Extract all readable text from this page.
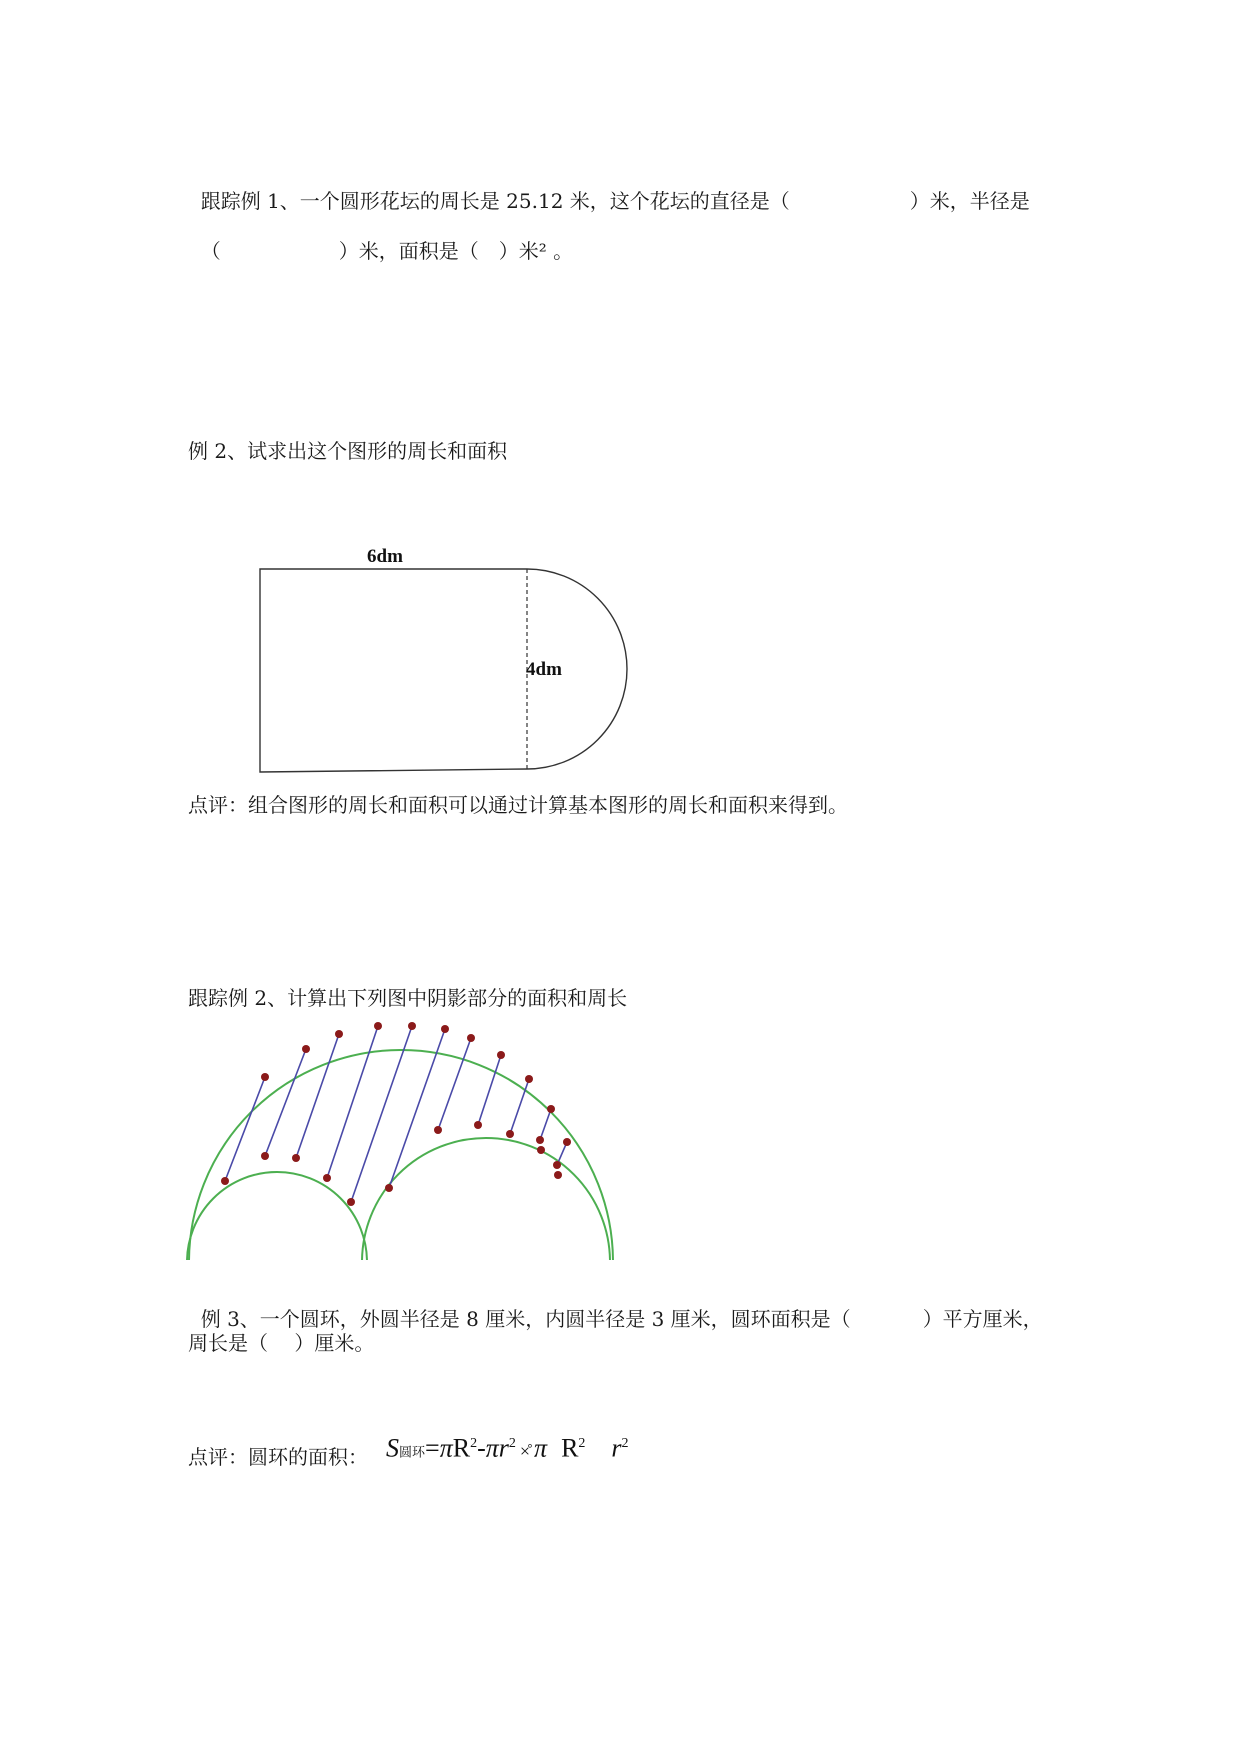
跟踪例 1、一个圆形花坛的周长是 25.12 米，这个花坛的直径是（	）米，半径是

（	）米，面积是（　）米² 。

例 2、试求出这个图形的周长和面积
6dm
4dm
点评：组合图形的周长和面积可以通过计算基本图形的周长和面积来得到。
跟踪例 2、计算出下列图中阴影部分的面积和周长

例 3、一个圆环，外圆半径是 8 厘米，内圆半径是 3 厘米，圆环面积是（	）平方厘米，

周长是（　 ）厘米。
点评：圆环的面积： S圆环$=\pi R^2-\pi r^2$ ×̊ π $R^2$ $r^2$
